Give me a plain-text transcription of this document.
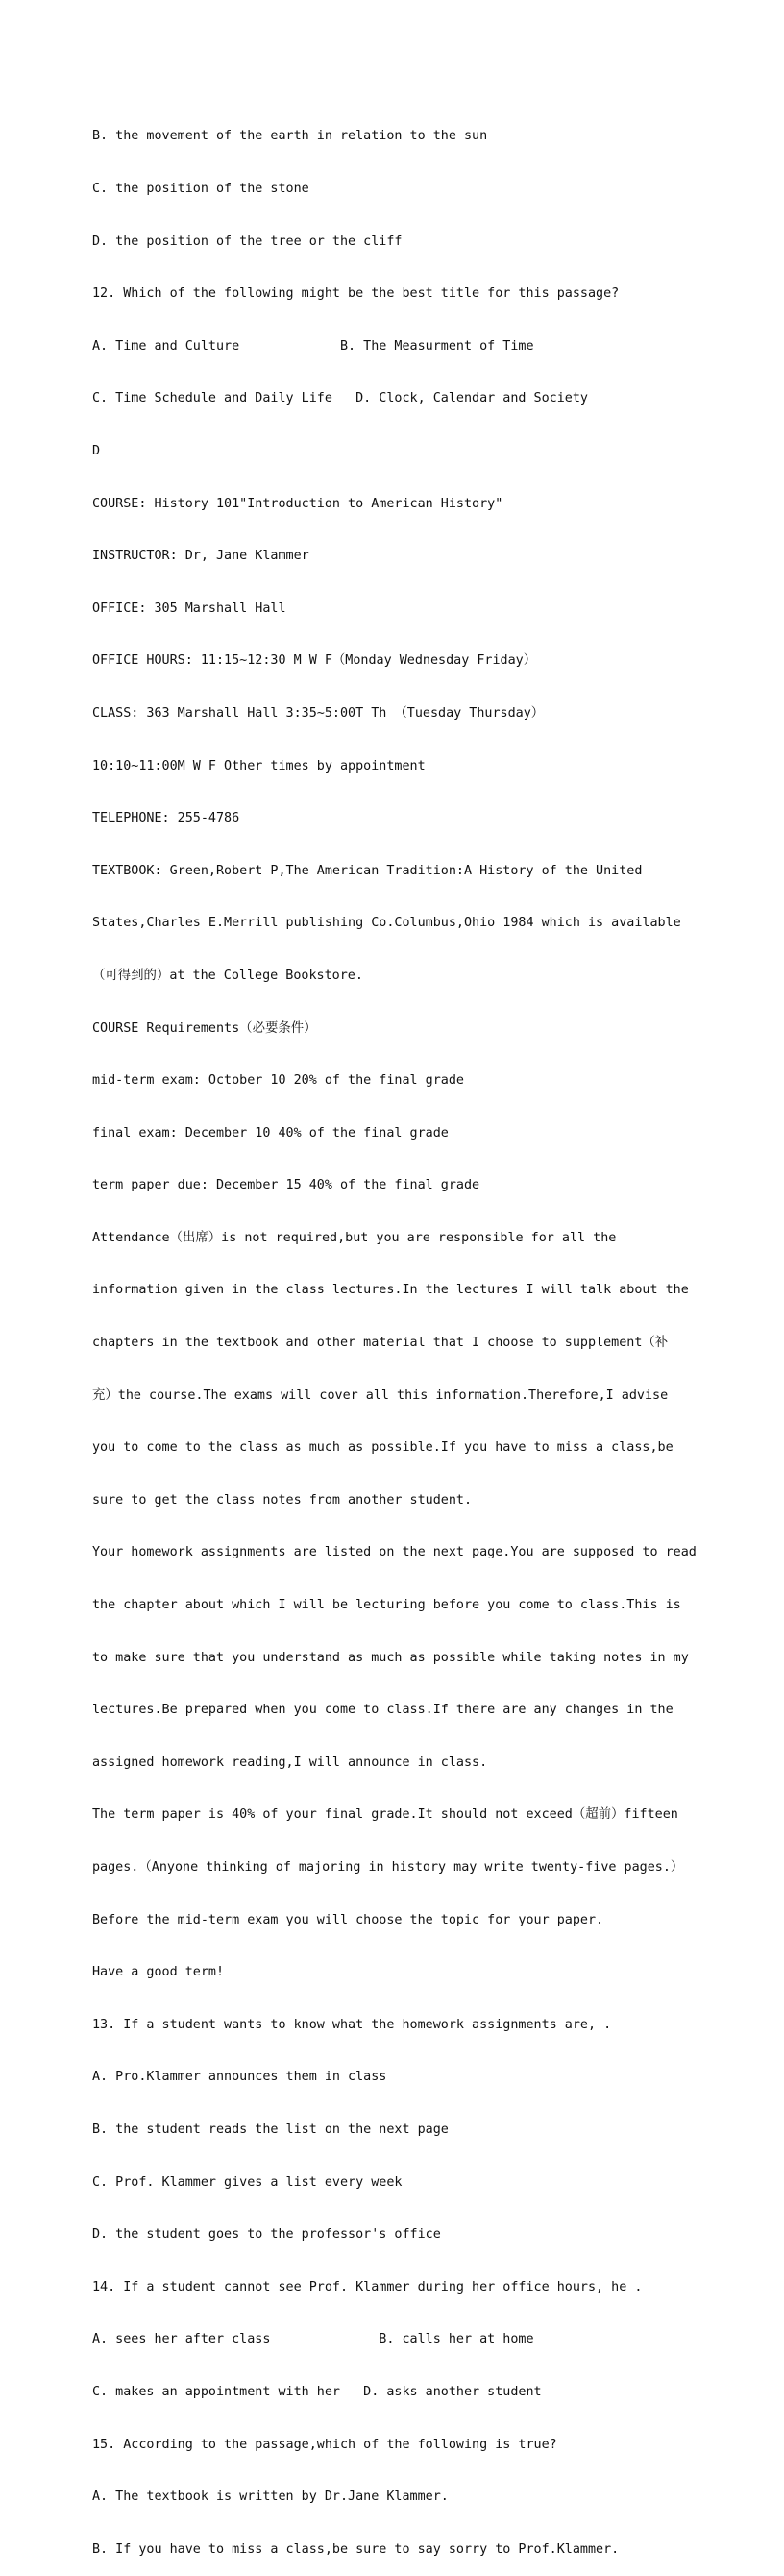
B. the movement of the earth in relation to the sun

C. the position of the stone

D. the position of the tree or the cliff

12. Which of the following might be the best title for this passage?

A. Time and Culture             B. The Measurment of Time

C. Time Schedule and Daily Life   D. Clock, Calendar and Society

D

COURSE: History 101"Introduction to American History"

INSTRUCTOR: Dr, Jane Klammer

OFFICE: 305 Marshall Hall

OFFICE HOURS: 11:15~12:30 M W F（Monday Wednesday Friday）

CLASS: 363 Marshall Hall 3:35~5:00T Th （Tuesday Thursday）

10:10~11:00M W F Other times by appointment

TELEPHONE: 255-4786

TEXTBOOK: Green,Robert P,The American Tradition:A History of the United

States,Charles E.Merrill publishing Co.Columbus,Ohio 1984 which is available

（可得到的）at the College Bookstore.

COURSE Requirements（必要条件）

mid-term exam: October 10 20% of the final grade

final exam: December 10 40% of the final grade

term paper due: December 15 40% of the final grade

Attendance（出席）is not required,but you are responsible for all the

information given in the class lectures.In the lectures I will talk about the

chapters in the textbook and other material that I choose to supplement（补

充）the course.The exams will cover all this information.Therefore,I advise

you to come to the class as much as possible.If you have to miss a class,be

sure to get the class notes from another student.

Your homework assignments are listed on the next page.You are supposed to read

the chapter about which I will be lecturing before you come to class.This is

to make sure that you understand as much as possible while taking notes in my

lectures.Be prepared when you come to class.If there are any changes in the

assigned homework reading,I will announce in class.

The term paper is 40% of your final grade.It should not exceed（超前）fifteen

pages.（Anyone thinking of majoring in history may write twenty-five pages.）

Before the mid-term exam you will choose the topic for your paper.

Have a good term!

13. If a student wants to know what the homework assignments are, .

A. Pro.Klammer announces them in class

B. the student reads the list on the next page

C. Prof. Klammer gives a list every week

D. the student goes to the professor's office

14. If a student cannot see Prof. Klammer during her office hours, he .

A. sees her after class              B. calls her at home

C. makes an appointment with her   D. asks another student

15. According to the passage,which of the following is true?

A. The textbook is written by Dr.Jane Klammer.

B. If you have to miss a class,be sure to say sorry to Prof.Klammer.
